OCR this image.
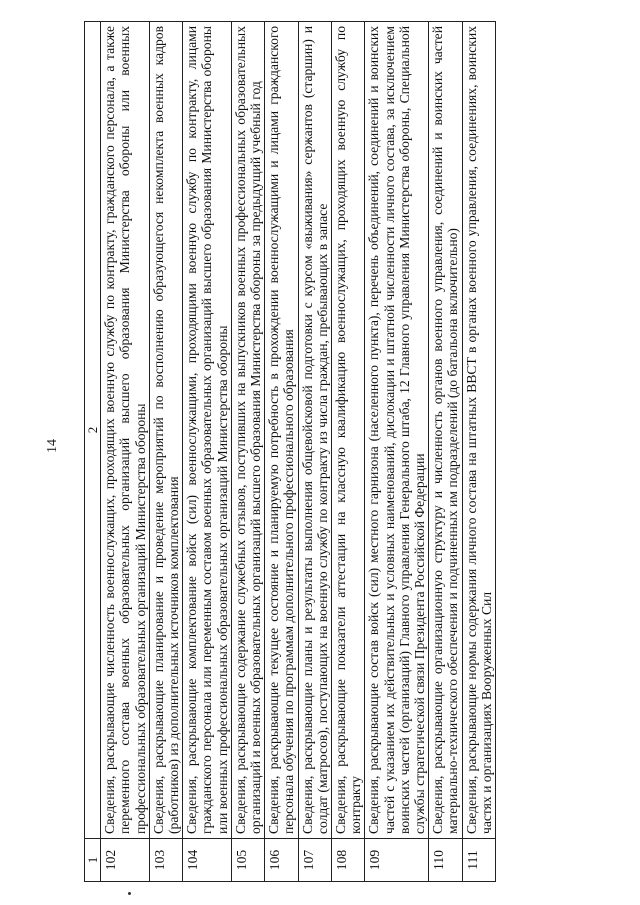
14
1	2
102	Сведения, раскрывающие численность военнослужащих, проходящих военную службу по контракту, гражданского персонала, а также переменного состава военных образовательных организаций высшего образования Министерства обороны или военных профессиональных образовательных организаций Министерства обороны
103	Сведения, раскрывающие планирование и проведение мероприятий по восполнению образующегося некомплекта военных кадров (работников) из дополнительных источников комплектования
104	Сведения, раскрывающие комплектование войск (сил) военнослужащими, проходящими военную службу по контракту, лицами гражданского персонала или переменным составом военных образовательных организаций высшего образования Министерства обороны или военных профессиональных образовательных организаций Министерства обороны
105	Сведения, раскрывающие содержание служебных отзывов, поступивших на выпускников военных профессиональных образовательных организаций и военных образовательных организаций высшего образования Министерства обороны за предыдущий учебный год
106	Сведения, раскрывающие текущее состояние и планируемую потребность в прохождении военнослужащими и лицами гражданского персонала обучения по программам дополнительного профессионального образования
107	Сведения, раскрывающие планы и результаты выполнения общевойсковой подготовки с курсом «выживания» сержантов (старшин) и солдат (матросов), поступающих на военную службу по контракту из числа граждан, пребывающих в запасе
108	Сведения, раскрывающие показатели аттестации на классную квалификацию военнослужащих, проходящих военную службу по контракту
109	Сведения, раскрывающие состав войск (сил) местного гарнизона (населенного пункта), перечень объединений, соединений и воинских частей с указанием их действительных и условных наименований, дислокации и штатной численности личного состава, за исключением воинских частей (организаций) Главного управления Генерального штаба, 12 Главного управления Министерства обороны, Специальной службы стратегической связи Президента Российской Федерации
110	Сведения, раскрывающие организационную структуру и численность органов военного управления, соединений и воинских частей материально-технического обеспечения и подчиненных им подразделений (до батальона включительно)
111	Сведения, раскрывающие нормы содержания личного состава на штатных ВВСТ в органах военного управления, соединениях, воинских частях и организациях Вооруженных Сил
